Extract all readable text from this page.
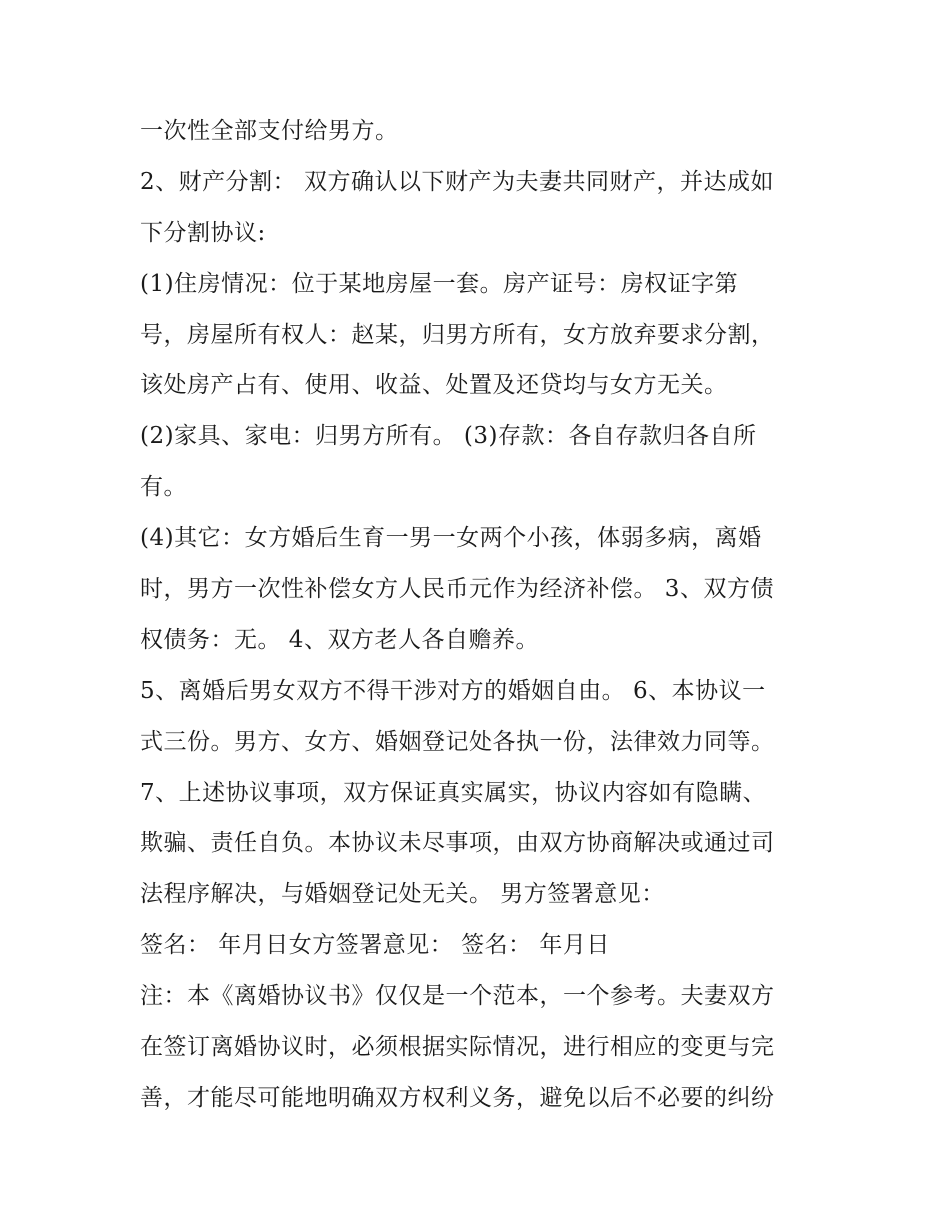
一次性全部支付给男方。
2、财产分割： 双方确认以下财产为夫妻共同财产，并达成如
下分割协议:
(1)住房情况：位于某地房屋一套。房产证号：房权证字第
号，房屋所有权人：赵某，归男方所有，女方放弃要求分割，
该处房产占有、使用、收益、处置及还贷均与女方无关。
(2)家具、家电：归男方所有。 (3)存款：各自存款归各自所
有。
(4)其它：女方婚后生育一男一女两个小孩，体弱多病，离婚
时，男方一次性补偿女方人民币元作为经济补偿。 3、双方债
权债务：无。 4、双方老人各自赡养。
5、离婚后男女双方不得干涉对方的婚姻自由。 6、本协议一
式三份。男方、女方、婚姻登记处各执一份，法律效力同等。
7、上述协议事项，双方保证真实属实，协议内容如有隐瞒、
欺骗、责任自负。本协议未尽事项，由双方协商解决或通过司
法程序解决，与婚姻登记处无关。 男方签署意见：
签名： 年月日女方签署意见： 签名： 年月日
注：本《离婚协议书》仅仅是一个范本，一个参考。夫妻双方
在签订离婚协议时，必须根据实际情况，进行相应的变更与完
善，才能尽可能地明确双方权利义务，避免以后不必要的纠纷
